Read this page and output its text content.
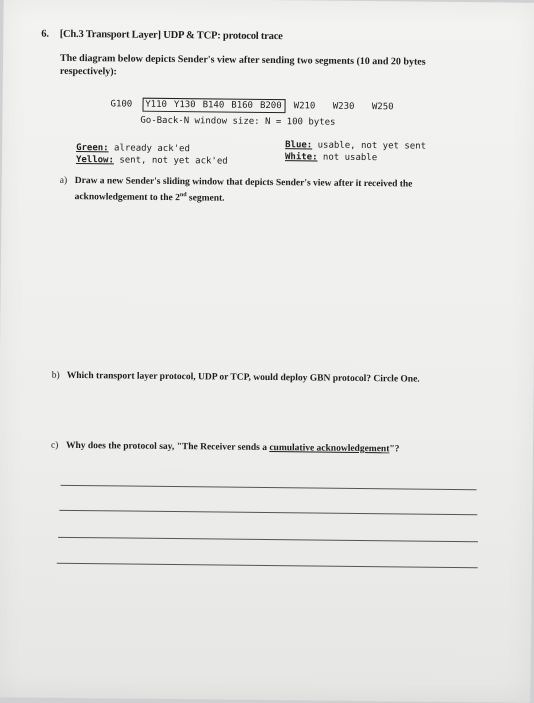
6. [Ch.3 Transport Layer] UDP & TCP: protocol trace
The diagram below depicts Sender's view after sending two segments (10 and 20 bytes
respectively):
G100 Y110 Y130 B140 B160 B200 W210 W230 W250
Go-Back-N window size: N = 100 bytes
Green: already ack'ed
Yellow: sent, not yet ack'ed
Blue: usable, not yet sent
White: not usable
a) Draw a new Sender's sliding window that depicts Sender's view after it received the
acknowledgement to the 2nd segment.
b) Which transport layer protocol, UDP or TCP, would deploy GBN protocol? Circle One.
c) Why does the protocol say, "The Receiver sends a cumulative acknowledgement"?
